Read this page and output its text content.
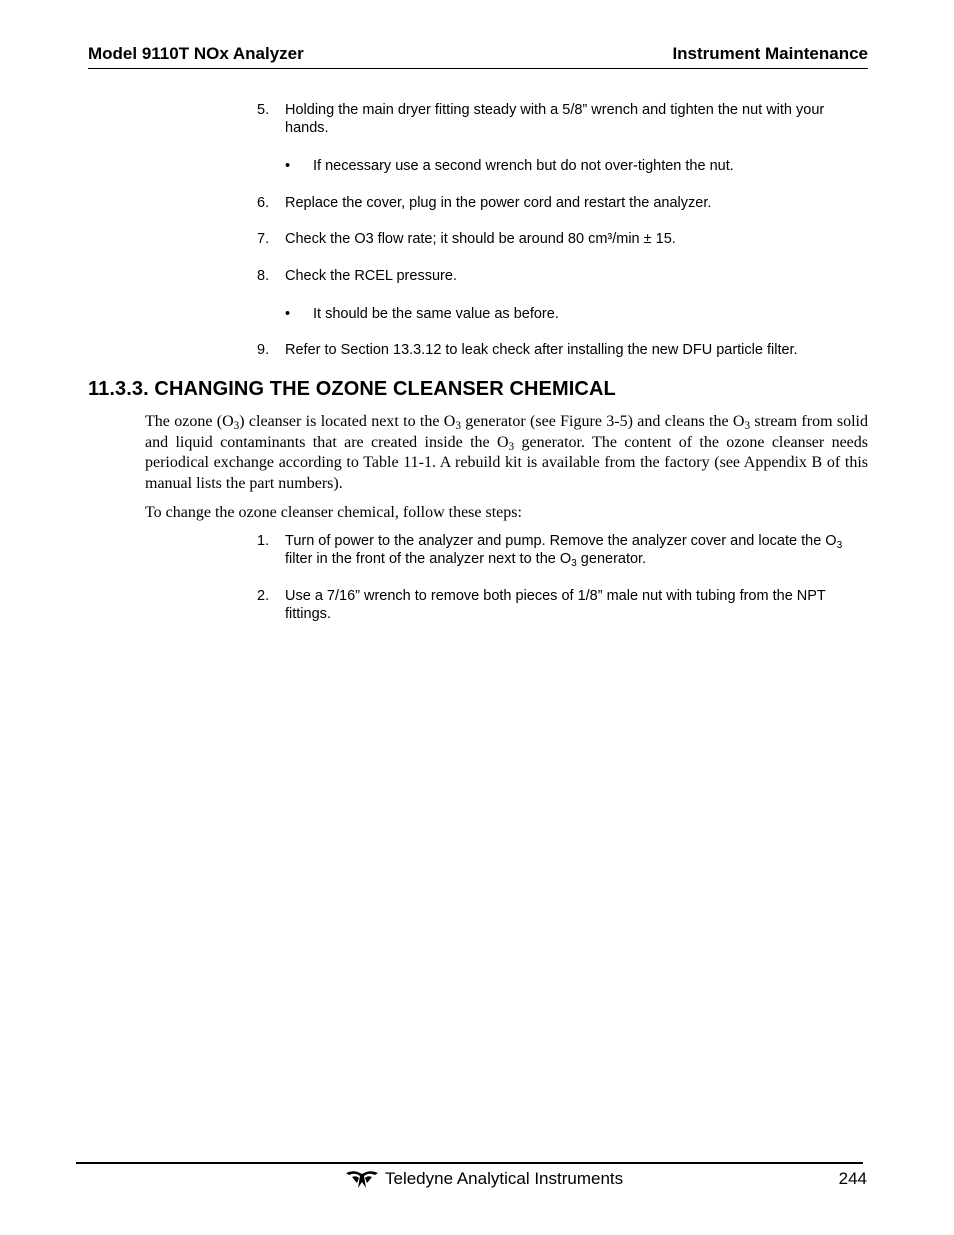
Model 9110T NOx Analyzer	Instrument Maintenance
5. Holding the main dryer fitting steady with a 5/8” wrench and tighten the nut with your hands.
• If necessary use a second wrench but do not over-tighten the nut.
6. Replace the cover, plug in the power cord and restart the analyzer.
7. Check the O3 flow rate; it should be around 80 cm³/min ± 15.
8. Check the RCEL pressure.
• It should be the same value as before.
9. Refer to Section 13.3.12 to leak check after installing the new DFU particle filter.
11.3.3. CHANGING THE OZONE CLEANSER CHEMICAL
The ozone $(O_3)$ cleanser is located next to the $O_3$ generator (see Figure 3-5) and cleans the $O_3$ stream from solid and liquid contaminants that are created inside the $O_3$ generator. The content of the ozone cleanser needs periodical exchange according to Table 11-1. A rebuild kit is available from the factory (see Appendix B of this manual lists the part numbers).
To change the ozone cleanser chemical, follow these steps:
1. Turn of power to the analyzer and pump. Remove the analyzer cover and locate the $O_3$ filter in the front of the analyzer next to the $O_3$ generator.
2. Use a 7/16” wrench to remove both pieces of 1/8” male nut with tubing from the NPT fittings.
Teledyne Analytical Instruments	244
